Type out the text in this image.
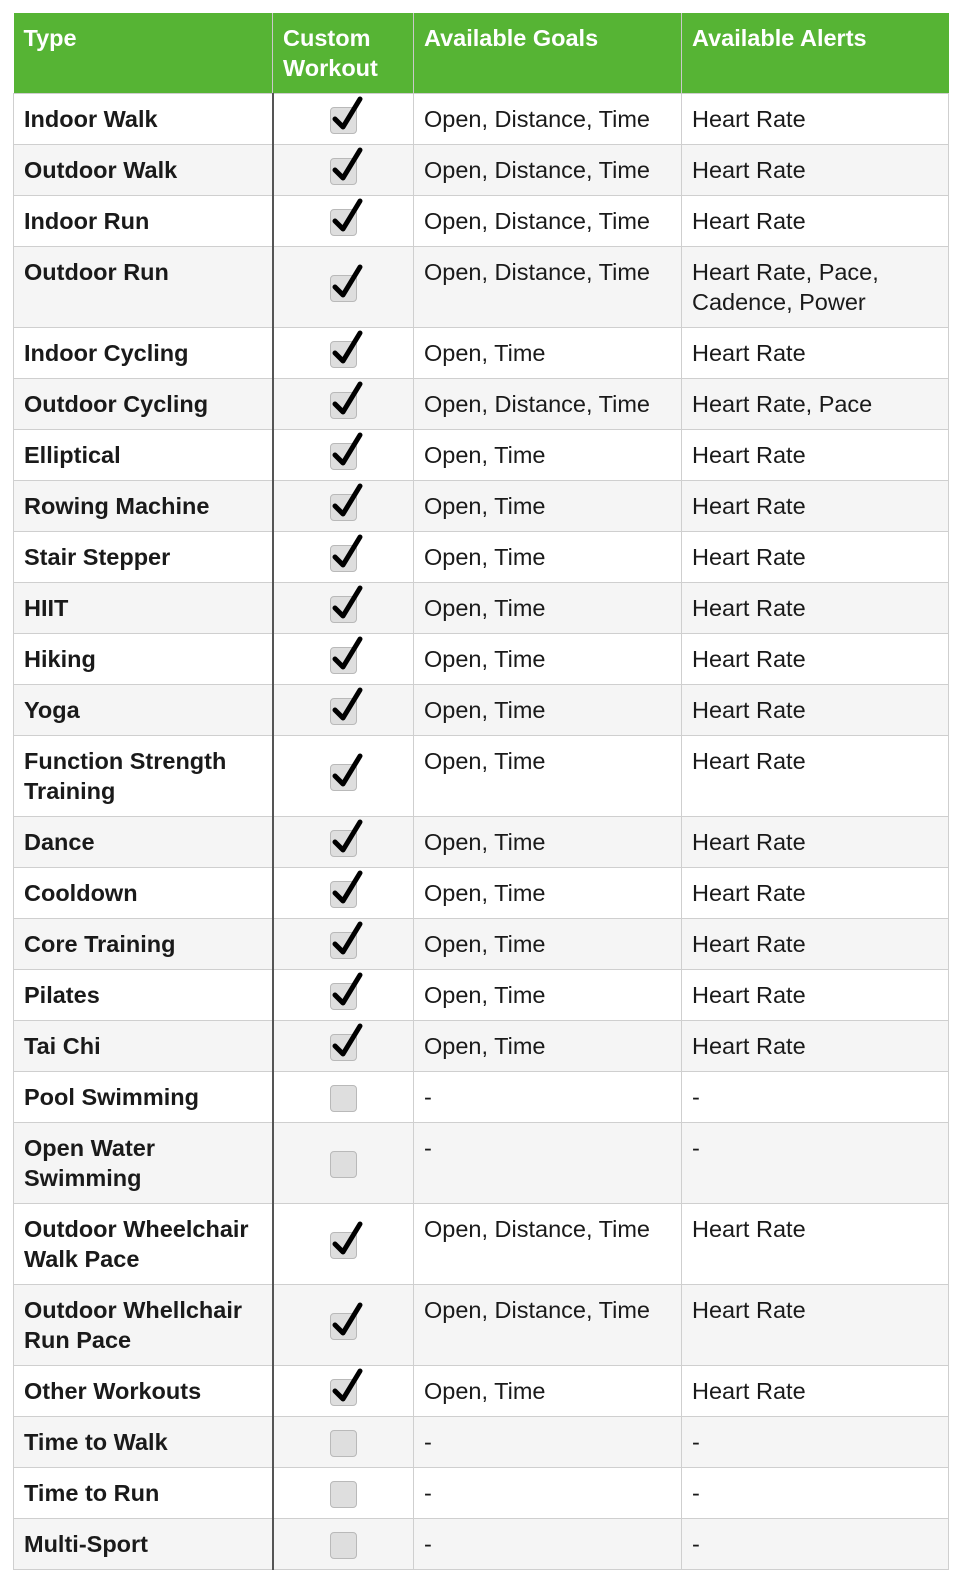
Type	Custom Workout	Available Goals	Available Alerts
Indoor Walk		Open, Distance, Time	Heart Rate
Outdoor Walk		Open, Distance, Time	Heart Rate
Indoor Run		Open, Distance, Time	Heart Rate
Outdoor Run		Open, Distance, Time	Heart Rate, Pace, Cadence, Power
Indoor Cycling		Open, Time	Heart Rate
Outdoor Cycling		Open, Distance, Time	Heart Rate, Pace
Elliptical		Open, Time	Heart Rate
Rowing Machine		Open, Time	Heart Rate
Stair Stepper		Open, Time	Heart Rate
HIIT		Open, Time	Heart Rate
Hiking		Open, Time	Heart Rate
Yoga		Open, Time	Heart Rate
Function Strength Training		Open, Time	Heart Rate
Dance		Open, Time	Heart Rate
Cooldown		Open, Time	Heart Rate
Core Training		Open, Time	Heart Rate
Pilates		Open, Time	Heart Rate
Tai Chi		Open, Time	Heart Rate
Pool Swimming		-	-
Open Water Swimming		-	-
Outdoor Wheelchair Walk Pace		Open, Distance, Time	Heart Rate
Outdoor Whellchair Run Pace		Open, Distance, Time	Heart Rate
Other Workouts		Open, Time	Heart Rate
Time to Walk		-	-
Time to Run		-	-
Multi-Sport		-	-
